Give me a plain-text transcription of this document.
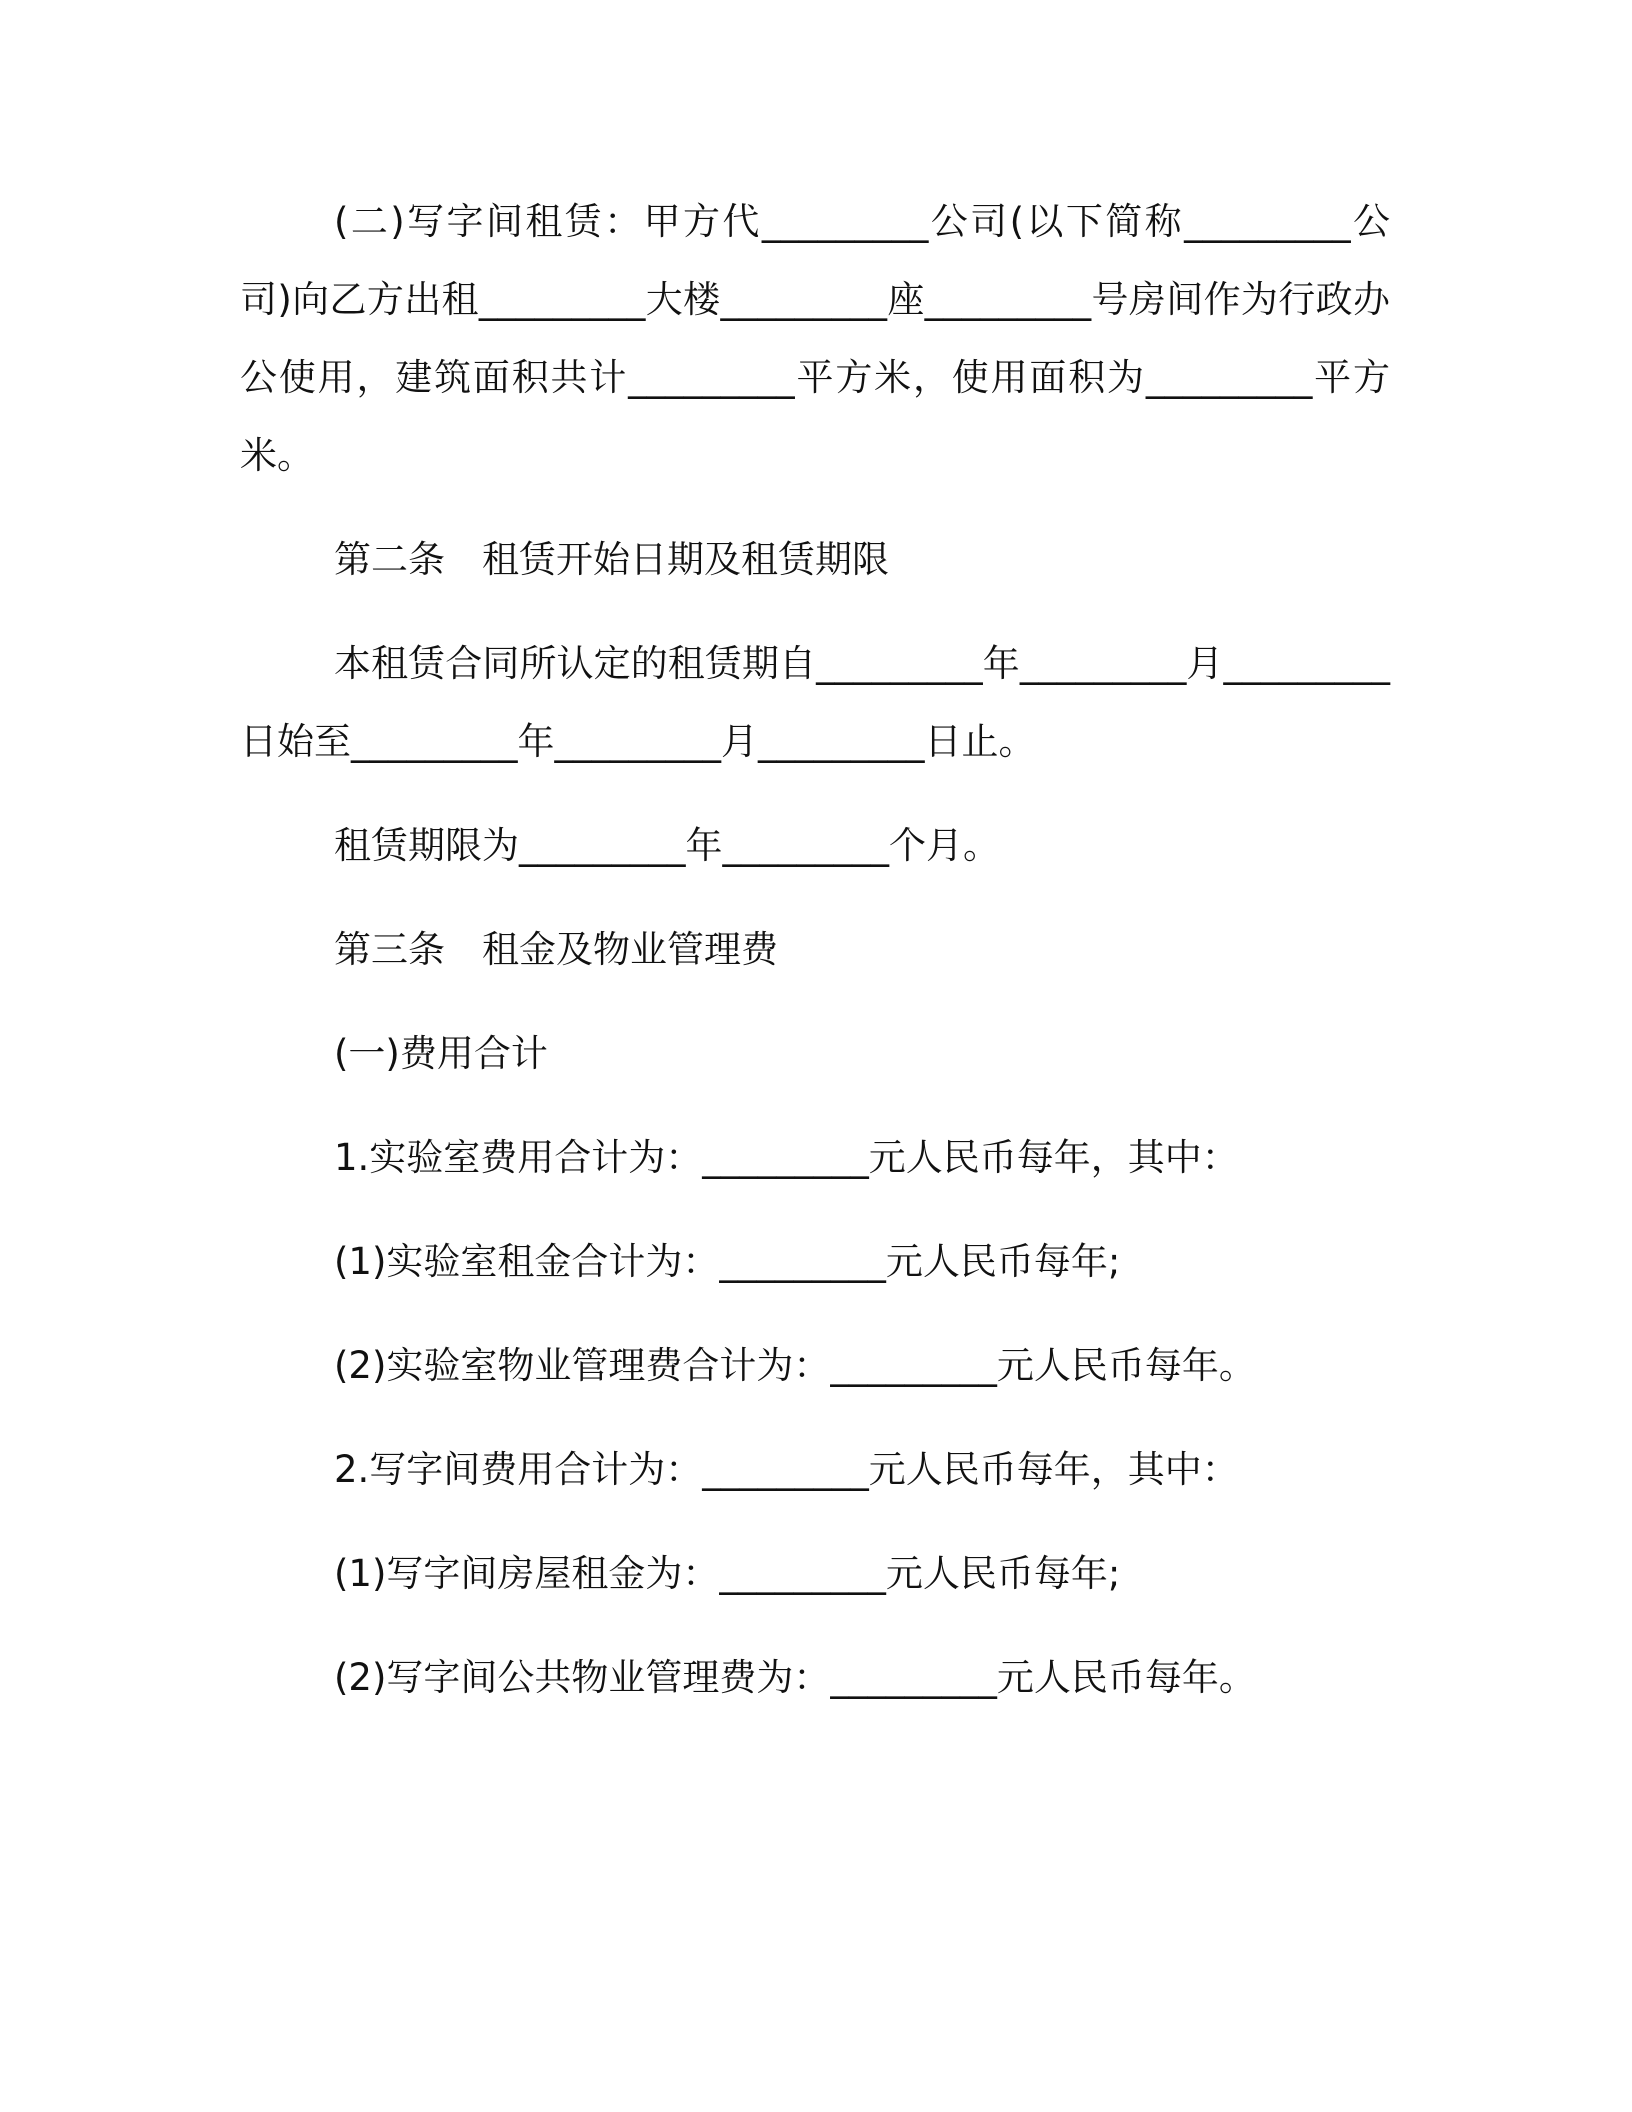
(二)写字间租赁：甲方代_________公司(以下简称_________公司)向乙方出租_________大楼_________座_________号房间作为行政办公使用，建筑面积共计_________平方米，使用面积为_________平方米。

第二条　租赁开始日期及租赁期限

本租赁合同所认定的租赁期自_________年_________月_________日始至_________年_________月_________日止。

租赁期限为_________年_________个月。

第三条　租金及物业管理费

(一)费用合计

1.实验室费用合计为：_________元人民币每年，其中：

(1)实验室租金合计为：_________元人民币每年;

(2)实验室物业管理费合计为：_________元人民币每年。

2.写字间费用合计为：_________元人民币每年，其中：

(1)写字间房屋租金为：_________元人民币每年;

(2)写字间公共物业管理费为：_________元人民币每年。
